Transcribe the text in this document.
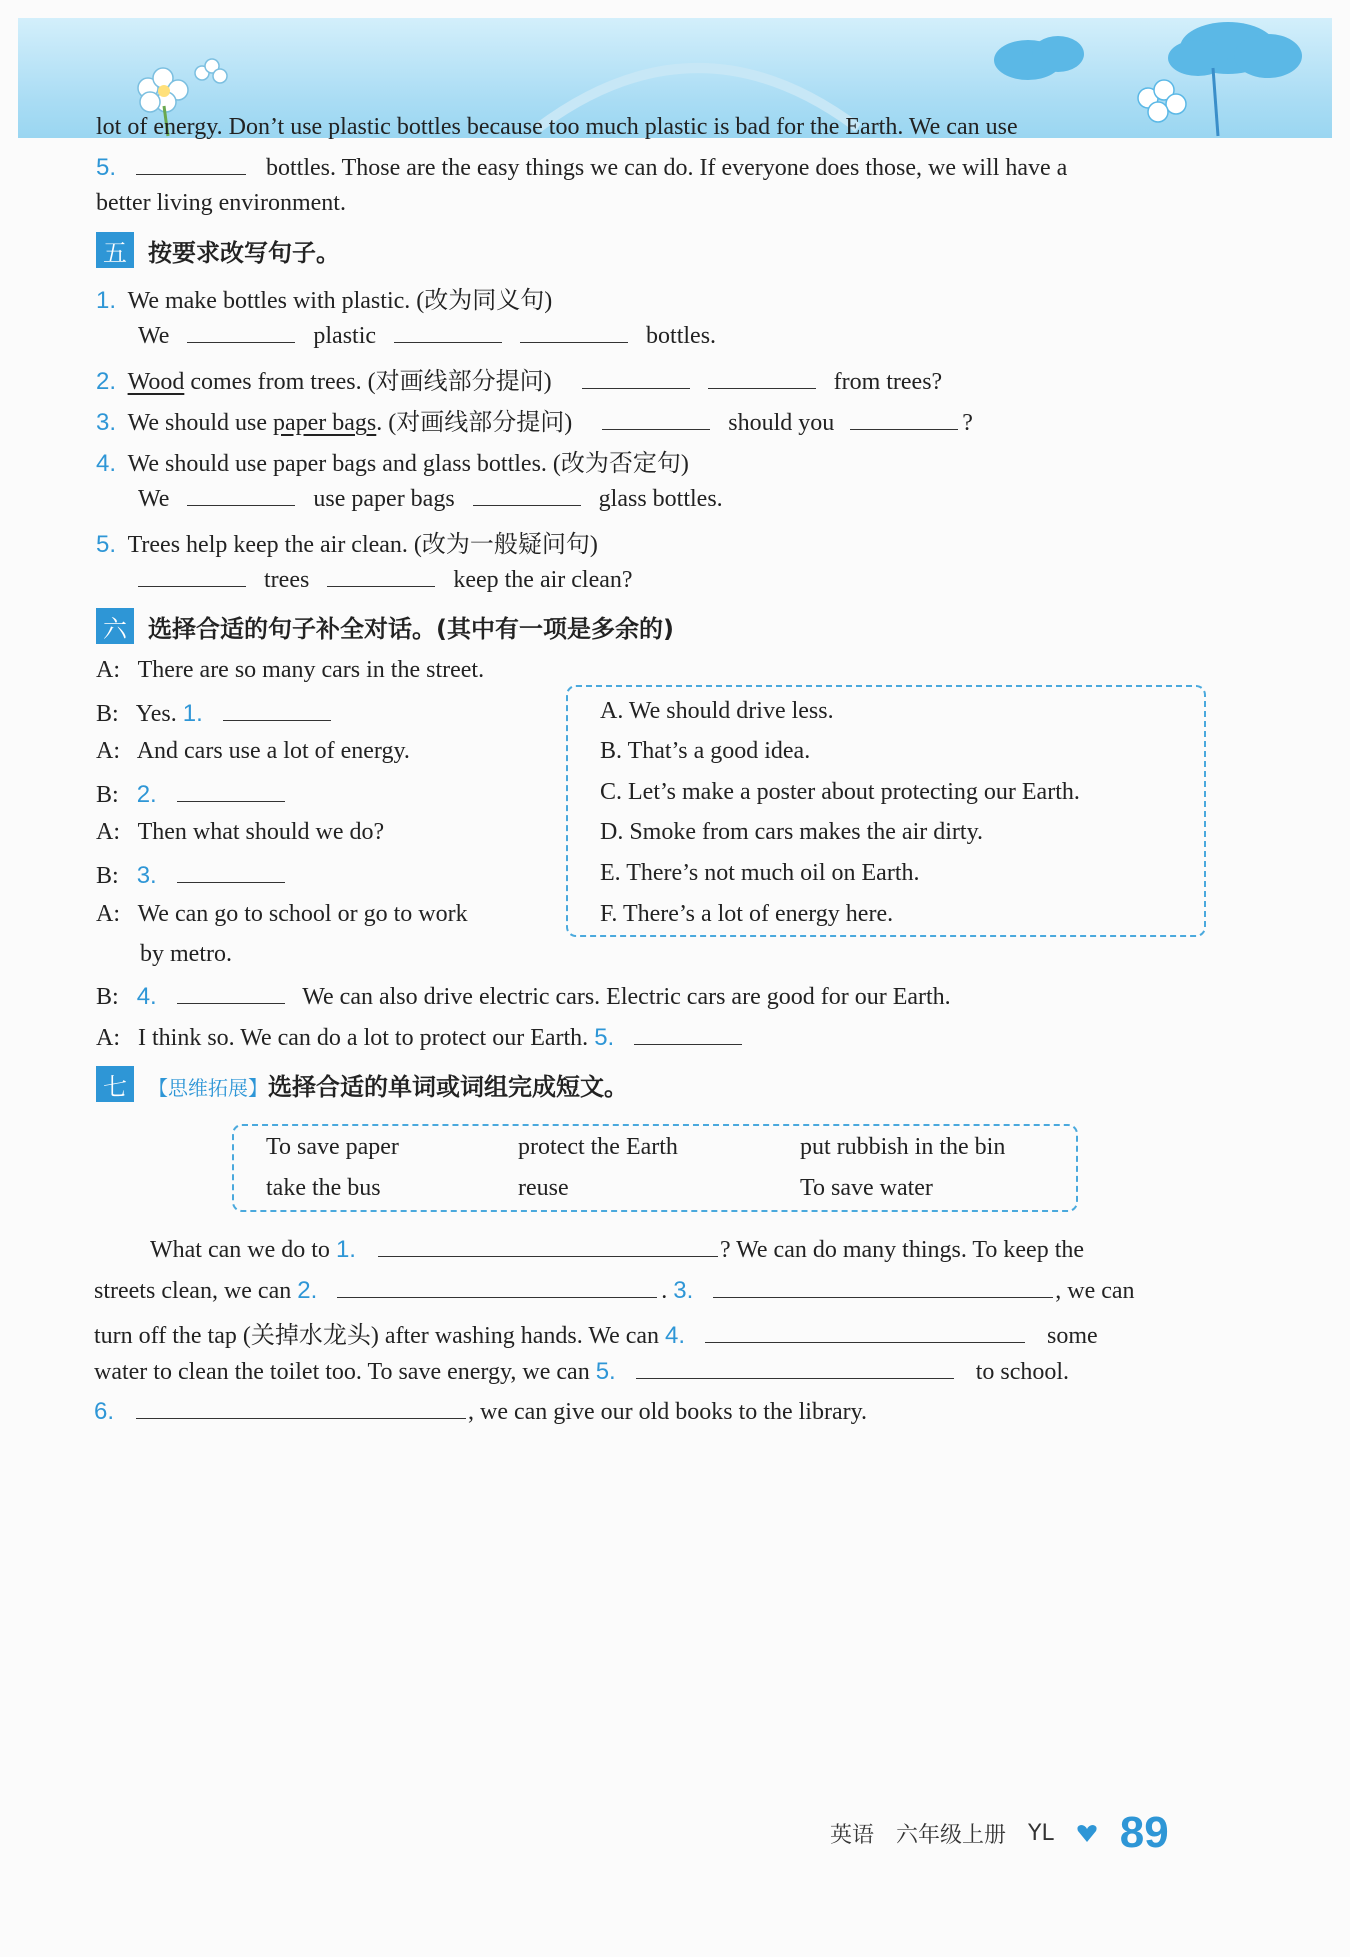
lot of energy. Don’t use plastic bottles because too much plastic is bad for the Earth. We can use
5.	bottles. Those are the easy things we can do. If everyone does those, we will have a
better living environment.
五 按要求改写句子。
1. We make bottles with plastic. (改为同义句)
We	plastic	bottles.
2. Wood comes from trees. (对画线部分提问)	from trees?
3. We should use paper bags. (对画线部分提问)	should you	?
4. We should use paper bags and glass bottles. (改为否定句)
We	use paper bags	glass bottles.
5. Trees help keep the air clean. (改为一般疑问句)
trees	keep the air clean?
六 选择合适的句子补全对话。(其中有一项是多余的)
A: There are so many cars in the street.
B: Yes. 1.
A: And cars use a lot of energy.
B: 2.
A: Then what should we do?
B: 3.
A: We can go to school or go to work
by metro.
B: 4.	We can also drive electric cars. Electric cars are good for our Earth.
A: I think so. We can do a lot to protect our Earth. 5.
A. We should drive less.
B. That’s a good idea.
C. Let’s make a poster about protecting our Earth.
D. Smoke from cars makes the air dirty.
E. There’s not much oil on Earth.
F. There’s a lot of energy here.
七	【思维拓展】选择合适的单词或词组完成短文。
To save paper	protect the Earth	put rubbish in the bin
take the bus	reuse	To save water
What can we do to 1.	? We can do many things. To keep the
streets clean, we can 2.	. 3.	, we can
turn off the tap (关掉水龙头) after washing hands. We can 4.	some
water to clean the toilet too. To save energy, we can 5.	to school.
6.	, we can give our old books to the library.
英语 六年级上册 YL 89
